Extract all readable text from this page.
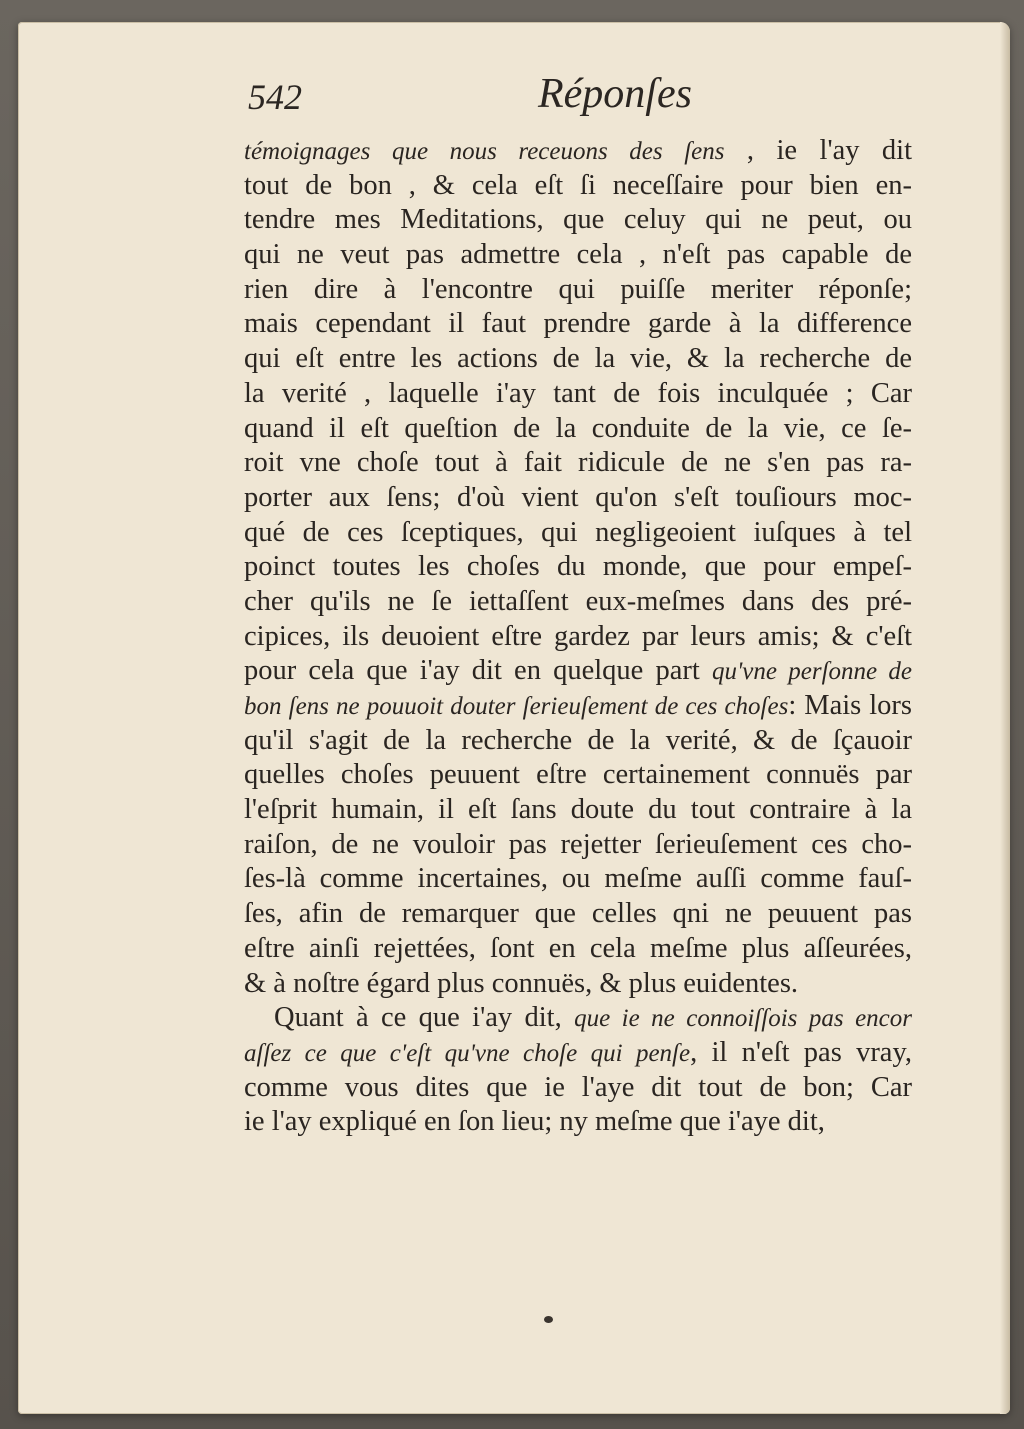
542	Réponſes
témoignages que nous receuons des ſens , ie l'ay dit
tout de bon , & cela eſt ſi neceſſaire pour bien en-
tendre mes Meditations, que celuy qui ne peut, ou
qui ne veut pas admettre cela , n'eſt pas capable de
rien dire à l'encontre qui puiſſe meriter réponſe;
mais cependant il faut prendre garde à la difference
qui eſt entre les actions de la vie, & la recherche de
la verité , laquelle i'ay tant de fois inculquée ; Car
quand il eſt queſtion de la conduite de la vie, ce ſe-
roit vne choſe tout à fait ridicule de ne s'en pas ra-
porter aux ſens; d'où vient qu'on s'eſt touſiours moc-
qué de ces ſceptiques, qui negligeoient iuſques à tel
poinct toutes les choſes du monde, que pour empeſ-
cher qu'ils ne ſe iettaſſent eux-meſmes dans des pré-
cipices, ils deuoient eſtre gardez par leurs amis; & c'eſt
pour cela que i'ay dit en quelque part qu'vne perſonne de
bon ſens ne pouuoit douter ſerieuſement de ces choſes: Mais lors
qu'il s'agit de la recherche de la verité, & de ſçauoir
quelles choſes peuuent eſtre certainement connuës par
l'eſprit humain, il eſt ſans doute du tout contraire à la
raiſon, de ne vouloir pas rejetter ſerieuſement ces cho-
ſes-là comme incertaines, ou meſme auſſi comme fauſ-
ſes, afin de remarquer que celles qni ne peuuent pas
eſtre ainſi rejettées, ſont en cela meſme plus aſſeurées,
& à noſtre égard plus connuës, & plus euidentes.
Quant à ce que i'ay dit, que ie ne connoiſſois pas encor
aſſez ce que c'eſt qu'vne choſe qui penſe, il n'eſt pas vray,
comme vous dites que ie l'aye dit tout de bon; Car
ie l'ay expliqué en ſon lieu; ny meſme que i'aye dit,
